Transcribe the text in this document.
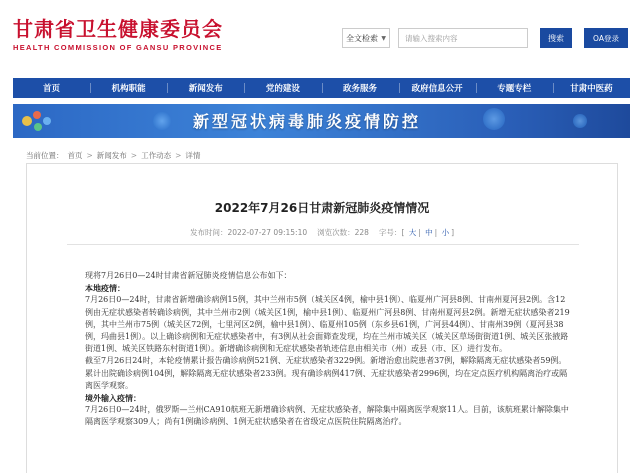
甘肃省卫生健康委员会
HEALTH COMMISSION OF GANSU PROVINCE
全文检索 ▼	请输入搜索内容	搜索	OA登录
首页	机构职能	新闻发布	党的建设	政务服务	政府信息公开	专题专栏	甘肃中医药
新型冠状病毒肺炎疫情防控
当前位置： 首页 > 新闻发布 > 工作动态 > 详情
2022年7月26日甘肃新冠肺炎疫情情况
发布时间：2022-07-27 09:15:10 浏览次数：228 字号：[ 大 | 中 | 小 ]

现将7月26日0—24时甘肃省新冠肺炎疫情信息公布如下：

本地疫情：

7月26日0—24时，甘肃省新增确诊病例15例，其中兰州市5例（城关区4例，榆中县1例）、临夏州广河县8例、甘南州夏河县2例。含12例由无症状感染者转确诊病例，其中兰州市2例（城关区1例，榆中县1例）、临夏州广河县8例、甘南州夏河县2例。新增无症状感染者219例，其中兰州市75例（城关区72例，七里河区2例，榆中县1例）、临夏州105例（东乡县61例，广河县44例）、甘南州39例（夏河县38例，玛曲县1例）。以上确诊病例和无症状感染者中，有3例从社会面筛查发现，均在兰州市城关区（城关区草场街街道1例、城关区张掖路街道1例、城关区铁路东村街道1例）。新增确诊病例和无症状感染者轨迹信息由相关市（州）或县（市、区）进行发布。

截至7月26日24时，本轮疫情累计报告确诊病例521例、无症状感染者3229例。新增治愈出院患者37例，解除隔离无症状感染者59例。累计出院确诊病例104例，解除隔离无症状感染者233例。现有确诊病例417例、无症状感染者2996例，均在定点医疗机构隔离治疗或隔离医学观察。

境外输入疫情：

7月26日0—24时，俄罗斯—兰州CA910航班无新增确诊病例、无症状感染者，解除集中隔离医学观察11人。目前，该航班累计解除集中隔离医学观察309人；尚有1例确诊病例、1例无症状感染者在省级定点医院住院隔离治疗。
